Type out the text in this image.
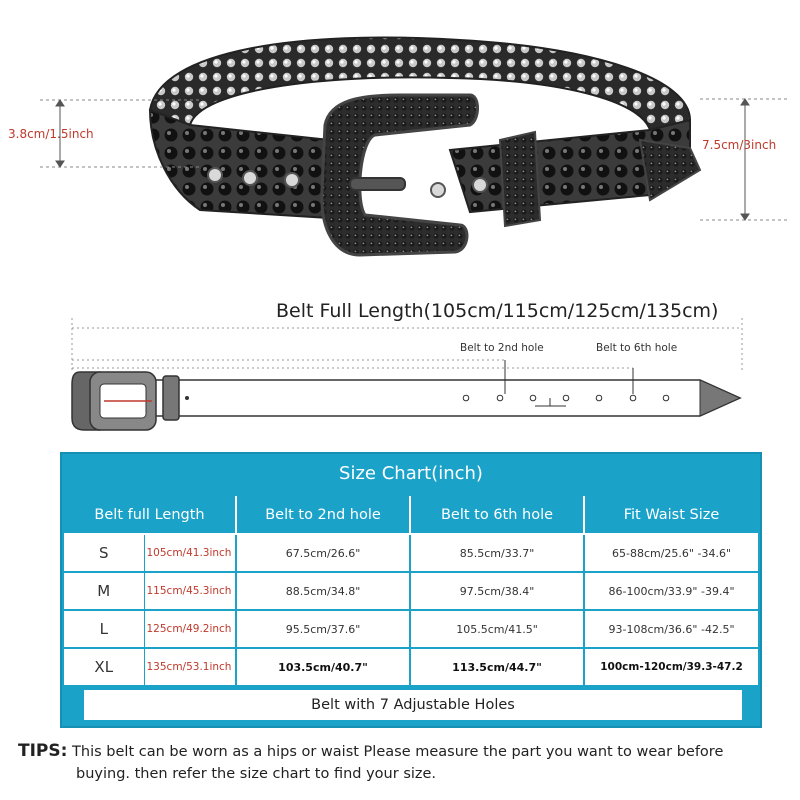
3.8cm/1.5inch
7.5cm/3inch
Belt Full Length(105cm/115cm/125cm/135cm)
Belt to 2nd hole	Belt to 6th hole
Size Chart(inch)
Belt full Length		Belt to 2nd hole	Belt to 6th hole	Fit Waist Size
S	105cm/41.3inch	67.5cm/26.6"	85.5cm/33.7"	65-88cm/25.6" -34.6"
M	115cm/45.3inch	88.5cm/34.8"	97.5cm/38.4"	86-100cm/33.9" -39.4"
L	125cm/49.2inch	95.5cm/37.6"	105.5cm/41.5"	93-108cm/36.6" -42.5"
XL	135cm/53.1inch	103.5cm/40.7"	113.5cm/44.7"	100cm-120cm/39.3-47.2
Belt with 7 Adjustable Holes
TIPS: This belt can be worn as a hips or waist Please measure the part you want to wear before
buying. then refer the size chart to find your size.
